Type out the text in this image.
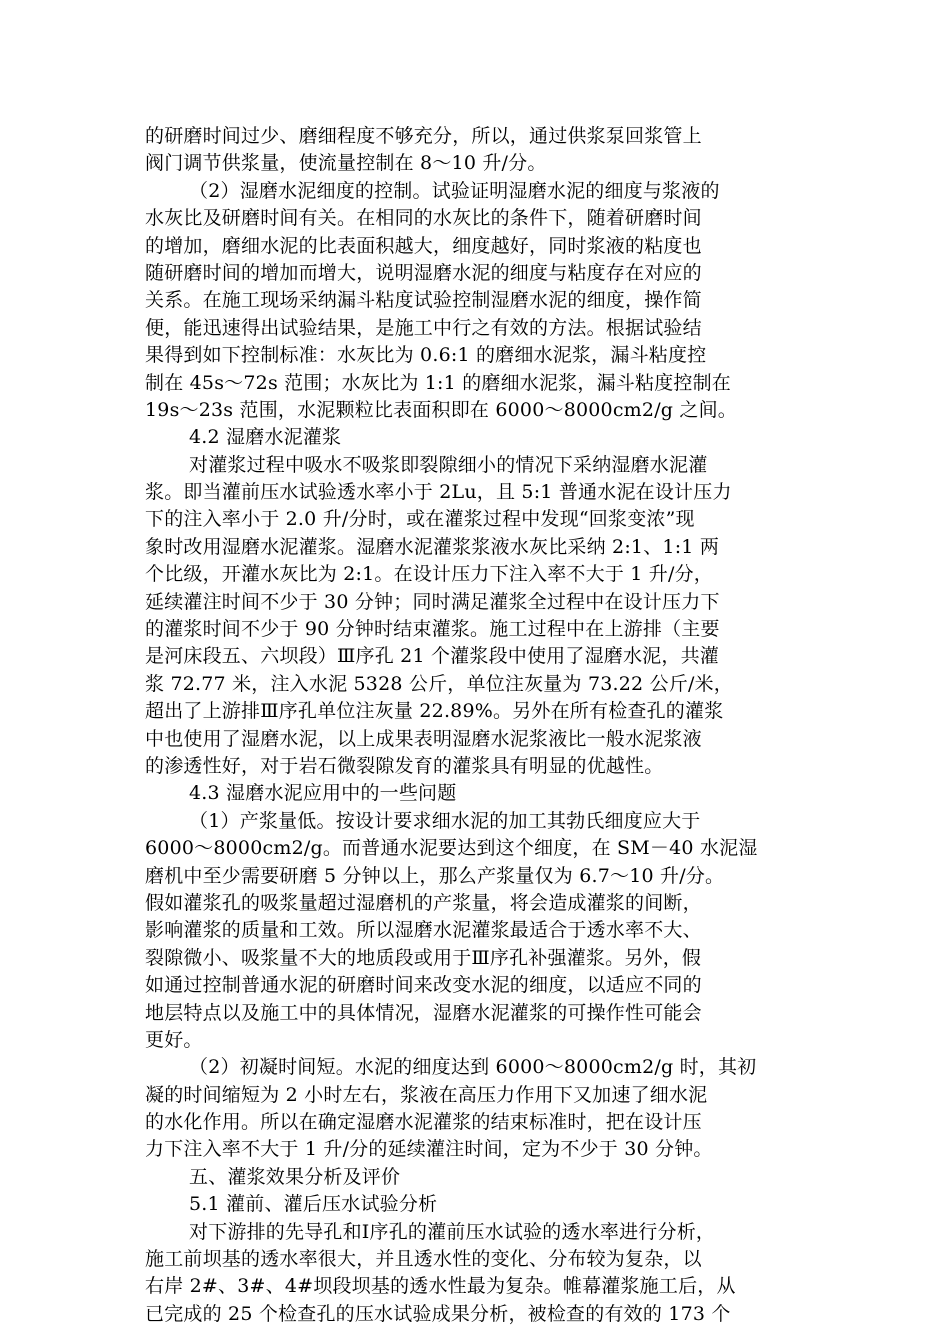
的研磨时间过少、磨细程度不够充分，所以，通过供浆泵回浆管上
阀门调节供浆量，使流量控制在 8～10 升/分。
（2）湿磨水泥细度的控制。试验证明湿磨水泥的细度与浆液的
水灰比及研磨时间有关。在相同的水灰比的条件下，随着研磨时间
的增加，磨细水泥的比表面积越大，细度越好，同时浆液的粘度也
随研磨时间的增加而增大，说明湿磨水泥的细度与粘度存在对应的
关系。在施工现场采纳漏斗粘度试验控制湿磨水泥的细度，操作简
便，能迅速得出试验结果，是施工中行之有效的方法。根据试验结
果得到如下控制标准：水灰比为 0.6:1 的磨细水泥浆，漏斗粘度控
制在 45s～72s 范围；水灰比为 1:1 的磨细水泥浆，漏斗粘度控制在
19s～23s 范围，水泥颗粒比表面积即在 6000～8000cm2/g 之间。
4.2 湿磨水泥灌浆
对灌浆过程中吸水不吸浆即裂隙细小的情况下采纳湿磨水泥灌
浆。即当灌前压水试验透水率小于 2Lu，且 5:1 普通水泥在设计压力
下的注入率小于 2.0 升/分时，或在灌浆过程中发现“回浆变浓”现
象时改用湿磨水泥灌浆。湿磨水泥灌浆浆液水灰比采纳 2:1、1:1 两
个比级，开灌水灰比为 2:1。在设计压力下注入率不大于 1 升/分，
延续灌注时间不少于 30 分钟；同时满足灌浆全过程中在设计压力下
的灌浆时间不少于 90 分钟时结束灌浆。施工过程中在上游排（主要
是河床段五、六坝段）Ⅲ序孔 21 个灌浆段中使用了湿磨水泥，共灌
浆 72.77 米，注入水泥 5328 公斤，单位注灰量为 73.22 公斤/米，
超出了上游排Ⅲ序孔单位注灰量 22.89%。另外在所有检查孔的灌浆
中也使用了湿磨水泥，以上成果表明湿磨水泥浆液比一般水泥浆液
的渗透性好，对于岩石微裂隙发育的灌浆具有明显的优越性。
4.3 湿磨水泥应用中的一些问题
（1）产浆量低。按设计要求细水泥的加工其勃氏细度应大于
6000～8000cm2/g。而普通水泥要达到这个细度，在 SM－40 水泥湿
磨机中至少需要研磨 5 分钟以上，那么产浆量仅为 6.7～10 升/分。
假如灌浆孔的吸浆量超过湿磨机的产浆量，将会造成灌浆的间断，
影响灌浆的质量和工效。所以湿磨水泥灌浆最适合于透水率不大、
裂隙微小、吸浆量不大的地质段或用于Ⅲ序孔补强灌浆。另外，假
如通过控制普通水泥的研磨时间来改变水泥的细度，以适应不同的
地层特点以及施工中的具体情况，湿磨水泥灌浆的可操作性可能会
更好。
（2）初凝时间短。水泥的细度达到 6000～8000cm2/g 时，其初
凝的时间缩短为 2 小时左右，浆液在高压力作用下又加速了细水泥
的水化作用。所以在确定湿磨水泥灌浆的结束标准时，把在设计压
力下注入率不大于 1 升/分的延续灌注时间，定为不少于 30 分钟。
五、灌浆效果分析及评价
5.1 灌前、灌后压水试验分析
对下游排的先导孔和Ⅰ序孔的灌前压水试验的透水率进行分析，
施工前坝基的透水率很大，并且透水性的变化、分布较为复杂，以
右岸 2#、3#、4#坝段坝基的透水性最为复杂。帷幕灌浆施工后，从
已完成的 25 个检查孔的压水试验成果分析，被检查的有效的 173 个
